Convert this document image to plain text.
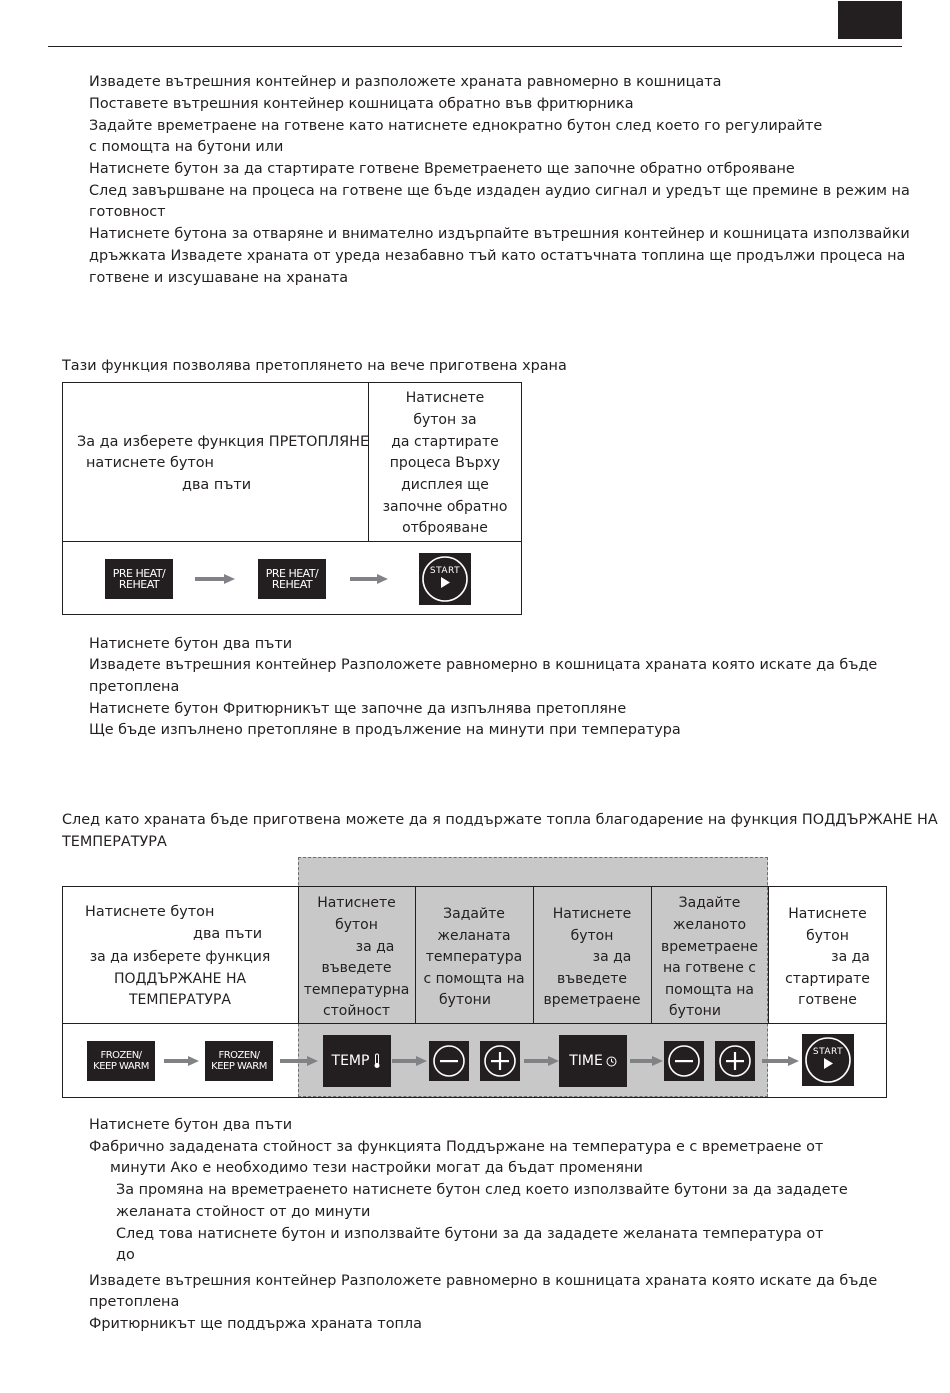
Извадете вътрешния контейнер и разположете храната равномерно в кошницата
Поставете вътрешния контейнер кошницата обратно във фритюрника
Задайте времетраене на готвене като натиснете еднократно бутон след което го регулирайте
с помощта на бутони или
Натиснете бутон за да стартирате готвене Времетраенето ще започне обратно отброяване
След завършване на процеса на готвене ще бъде издаден аудио сигнал и уредът ще премине в режим на
готовност
Натиснете бутона за отваряне и внимателно издърпайте вътрешния контейнер и кошницата използвайки
дръжката Извадете храната от уреда незабавно тъй като остатъчната топлина ще продължи процеса на
готвене и изсушаване на храната
Тази функция позволява претоплянето на вече приготвена храна
За да изберете функция ПРЕТОПЛЯНЕ
натиснете бутон
два пъти
Натиснете
бутон за
да стартирате
процеса Върху
дисплея ще
започне обратно
отброяване
PRE HEAT/
REHEAT
PRE HEAT/
REHEAT
START
Натиснете бутон два пъти
Извадете вътрешния контейнер Разположете равномерно в кошницата храната която искате да бъде
претоплена
Натиснете бутон Фритюрникът ще започне да изпълнява претопляне
Ще бъде изпълнено претопляне в продължение на минути при температура
След като храната бъде приготвена можете да я поддържате топла благодарение на функция ПОДДЪРЖАНЕ НА
ТЕМПЕРАТУРА
Натиснете бутон
два пъти
за да изберете функция
ПОДДЪРЖАНЕ НА
ТЕМПЕРАТУРА
Натиснете
бутон
за да
въведете
температурна
стойност
Задайте
желаната
температура
с помощта на
бутони
Натиснете
бутон
за да
въведете
времетраене
Задайте
желаното
времетраене
на готвене с
помощта на
бутони
Натиснете
бутон
за да
стартирате
готвене
FROZEN/
KEEP WARM
FROZEN/
KEEP WARM	TEMP	TIME
START
Натиснете бутон два пъти
Фабрично зададената стойност за функцията Поддържане на температура е с времетраене от
минути Ако е необходимо тези настройки могат да бъдат променяни
За промяна на времетраенето натиснете бутон след което използвайте бутони за да зададете
желаната стойност от до минути
След това натиснете бутон и използвайте бутони за да зададете желаната температура от
до
Извадете вътрешния контейнер Разположете равномерно в кошницата храната която искате да бъде
претоплена
Фритюрникът ще поддържа храната топла
